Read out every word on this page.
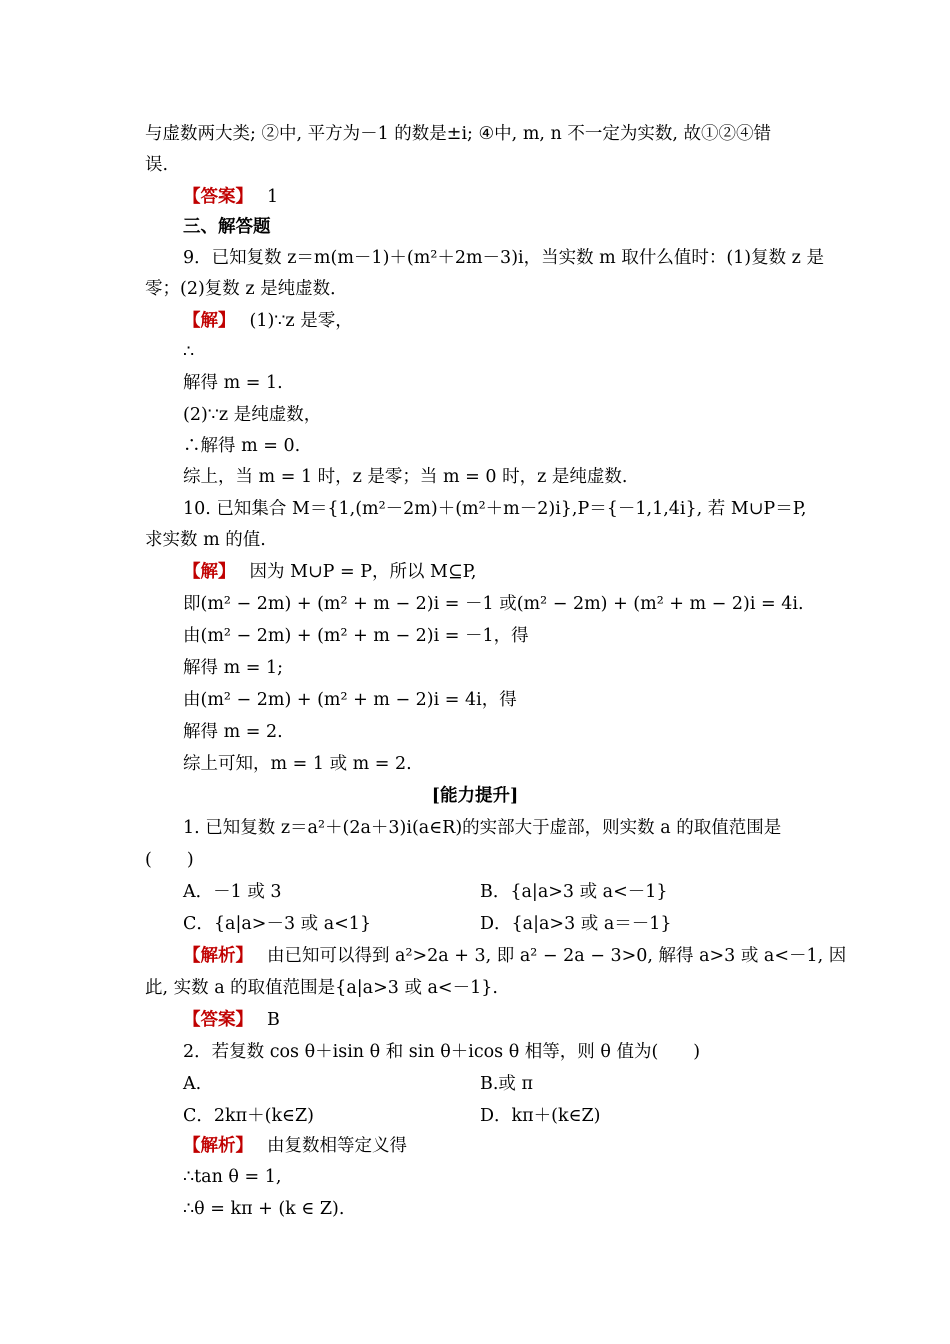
与虚数两大类; ②中, 平方为－1 的数是±i; ④中, m, n 不一定为实数, 故①②④错
误.
【答案】 1
三、解答题
9．已知复数 z＝m(m－1)＋(m²＋2m－3)i，当实数 m 取什么值时：(1)复数 z 是
零；(2)复数 z 是纯虚数．
【解】 (1)∵z 是零，
∴
解得 m = 1.
(2)∵z 是纯虚数，
∴解得 m = 0.
综上，当 m = 1 时，z 是零；当 m = 0 时，z 是纯虚数.
10. 已知集合 M＝{1,(m²－2m)＋(m²＋m－2)i},P＝{－1,1,4i}, 若 M∪P＝P,
求实数 m 的值.
【解】 因为 M∪P = P，所以 M⊆P,
即(m² − 2m) + (m² + m − 2)i = －1 或(m² − 2m) + (m² + m − 2)i = 4i.
由(m² − 2m) + (m² + m − 2)i = －1，得
解得 m = 1;
由(m² − 2m) + (m² + m − 2)i = 4i，得
解得 m = 2.
综上可知，m = 1 或 m = 2.
[能力提升]
1. 已知复数 z＝a²＋(2a＋3)i(a∈R)的实部大于虚部，则实数 a 的取值范围是
(　　)
A．－1 或 3	B．{a|a>3 或 a<－1}
C．{a|a>－3 或 a<1}	D．{a|a>3 或 a＝－1}
【解析】 由已知可以得到 a²>2a + 3, 即 a² − 2a − 3>0, 解得 a>3 或 a<－1, 因
此, 实数 a 的取值范围是{a|a>3 或 a<－1}.
【答案】 B
2．若复数 cos θ＋isin θ 和 sin θ＋icos θ 相等，则 θ 值为(　　)
A.	B.或 π
C．2kπ＋(k∈Z)	D．kπ＋(k∈Z)
【解析】 由复数相等定义得
∴tan θ = 1,
∴θ = kπ + (k ∈ Z).
